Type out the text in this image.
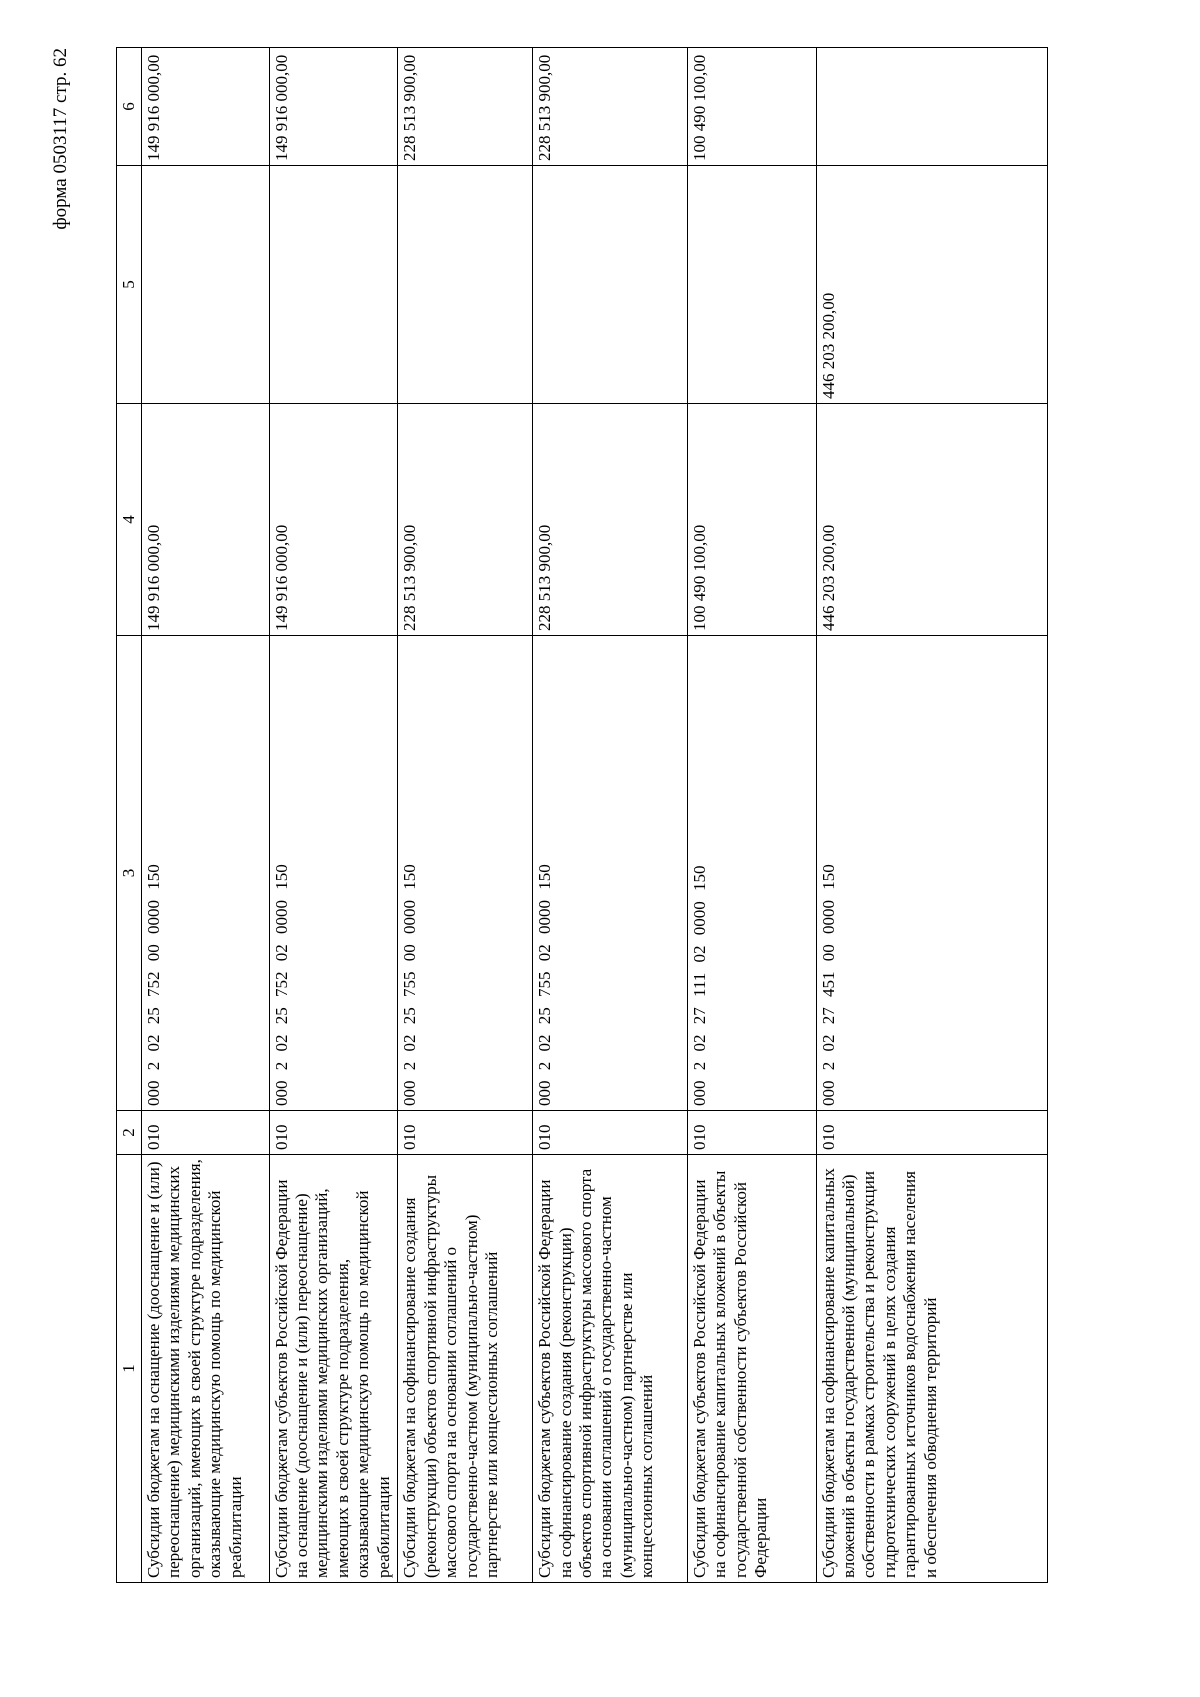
форма 0503117 стр. 62
1	2	3	4	5	6
Субсидии бюджетам на оснащение (дооснащение и (или) переоснащение) медицинскими изделиями медицинских организаций, имеющих в своей структуре подразделения, оказывающие медицинскую помощь по медицинской реабилитации	010	000 2 02 25 752 00 0000 150	149 916 000,00		149 916 000,00
Субсидии бюджетам субъектов Российской Федерации на оснащение (дооснащение и (или) переоснащение) медицинскими изделиями медицинских организаций, имеющих в своей структуре подразделения, оказывающие медицинскую помощь по медицинской реабилитации	010	000 2 02 25 752 02 0000 150	149 916 000,00		149 916 000,00
Субсидии бюджетам на софинансирование создания (реконструкции) объектов спортивной инфраструктуры массового спорта на основании соглашений о государственно-частном (муниципально-частном) партнерстве или концессионных соглашений	010	000 2 02 25 755 00 0000 150	228 513 900,00		228 513 900,00
Субсидии бюджетам субъектов Российской Федерации на софинансирование создания (реконструкции) объектов спортивной инфраструктуры массового спорта на основании соглашений о государственно-частном (муниципально-частном) партнерстве или концессионных соглашений	010	000 2 02 25 755 02 0000 150	228 513 900,00		228 513 900,00
Субсидии бюджетам субъектов Российской Федерации на софинансирование капитальных вложений в объекты государственной собственности субъектов Российской Федерации	010	000 2 02 27 111 02 0000 150	100 490 100,00		100 490 100,00
Субсидии бюджетам на софинансирование капитальных вложений в объекты государственной (муниципальной) собственности в рамках строительства и реконструкции гидротехнических сооружений в целях создания гарантированных источников водоснабжения населения и обеспечения обводнения территорий	010	000 2 02 27 451 00 0000 150	446 203 200,00	446 203 200,00	
